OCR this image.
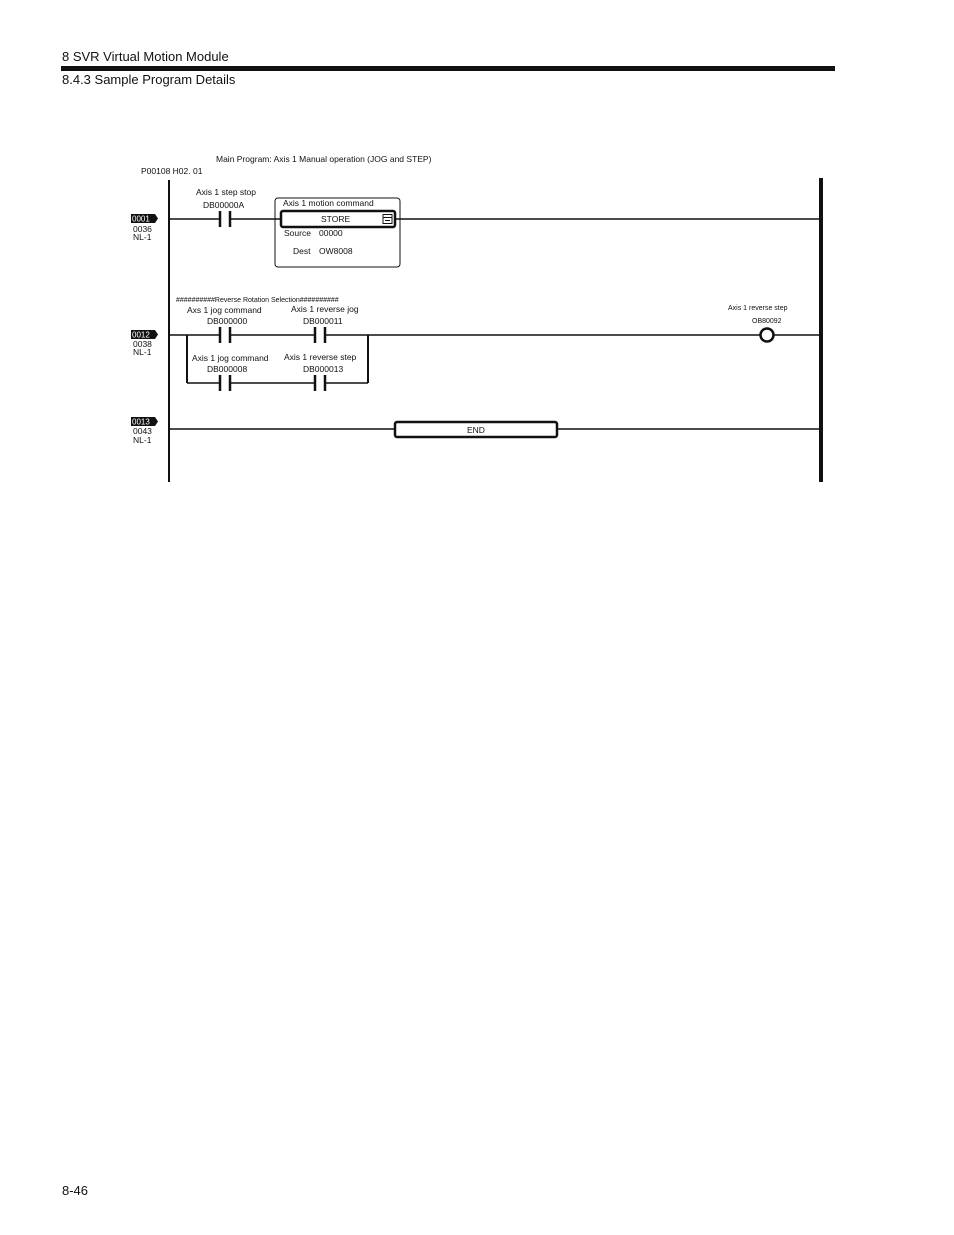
8 SVR Virtual Motion Module
8.4.3 Sample Program Details
Main Program: Axis 1 Manual operation (JOG and STEP)
P00108 H02. 01
0001
0036
NL-1
Axis 1 step stop
DB00000A	Axis 1 motion command
STORE
Source 00000
Dest OW8008
##########Reverse Rotation Selection##########
0012
0038
NL-1
Axs 1 jog command
DB000000
Axis 1 reverse jog
DB000011
Axis 1 reverse step
OB80092
Axis 1 jog command
DB000008
Axis 1 reverse step
DB000013
0013
0043
NL-1
END
8-46
